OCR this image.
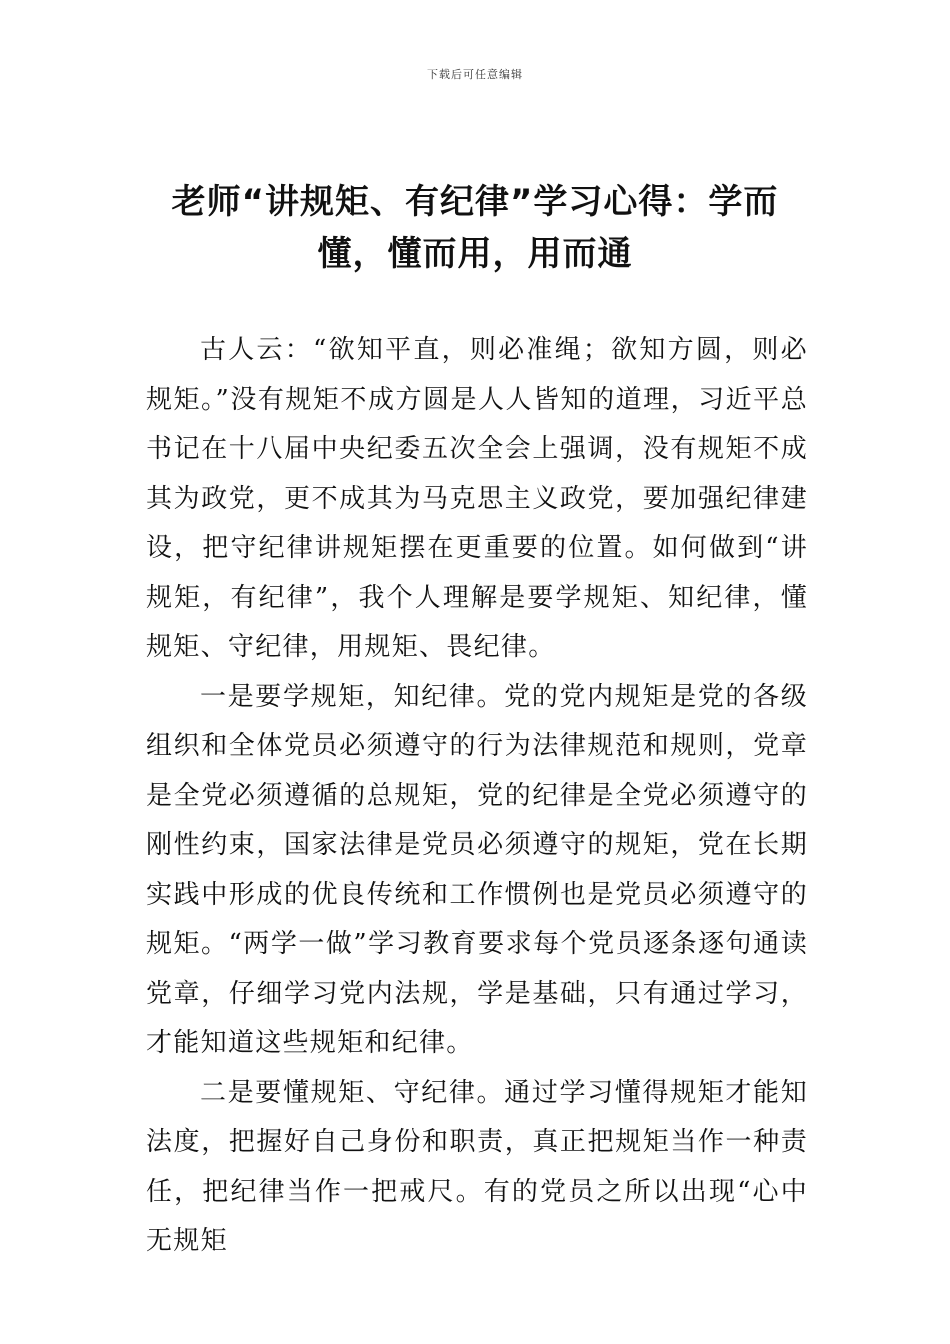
下载后可任意编辑
老师“讲规矩、有纪律”学习心得：学而懂，懂而用，用而通

古人云：“欲知平直，则必准绳；欲知方圆，则必规矩。”没有规矩不成方圆是人人皆知的道理，习近平总书记在十八届中央纪委五次全会上强调，没有规矩不成其为政党，更不成其为马克思主义政党，要加强纪律建设，把守纪律讲规矩摆在更重要的位置。如何做到“讲规矩，有纪律”，我个人理解是要学规矩、知纪律，懂规矩、守纪律，用规矩、畏纪律。

一是要学规矩，知纪律。党的党内规矩是党的各级组织和全体党员必须遵守的行为法律规范和规则，党章是全党必须遵循的总规矩，党的纪律是全党必须遵守的刚性约束，国家法律是党员必须遵守的规矩，党在长期实践中形成的优良传统和工作惯例也是党员必须遵守的规矩。“两学一做”学习教育要求每个党员逐条逐句通读党章，仔细学习党内法规，学是基础，只有通过学习，才能知道这些规矩和纪律。

二是要懂规矩、守纪律。通过学习懂得规矩才能知法度，把握好自己身份和职责，真正把规矩当作一种责任，把纪律当作一把戒尺。有的党员之所以出现“心中无规矩
